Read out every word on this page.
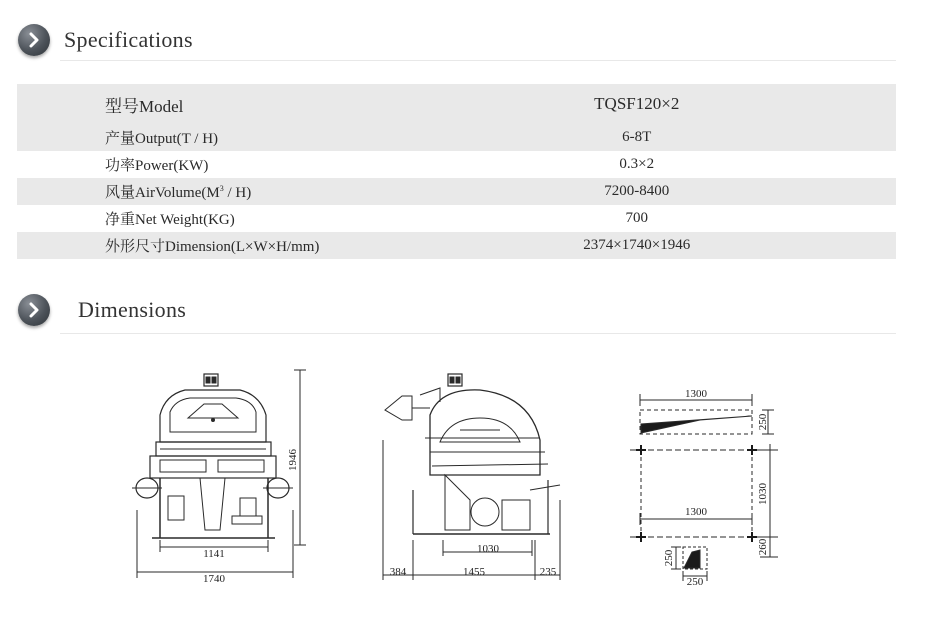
Specifications
型号Model	TQSF120×2
产量Output(T / H)	6-8T
功率Power(KW)	0.3×2
风量$AirVolume(M^3 / H)$	7200-8400
净重Net Weight(KG)	700
外形尺寸Dimension(L×W×H/mm)	2374×1740×1946
Dimensions
1946
1141
1740
1030
384	1455	235
1300
250
1030
1300
260
250
250
